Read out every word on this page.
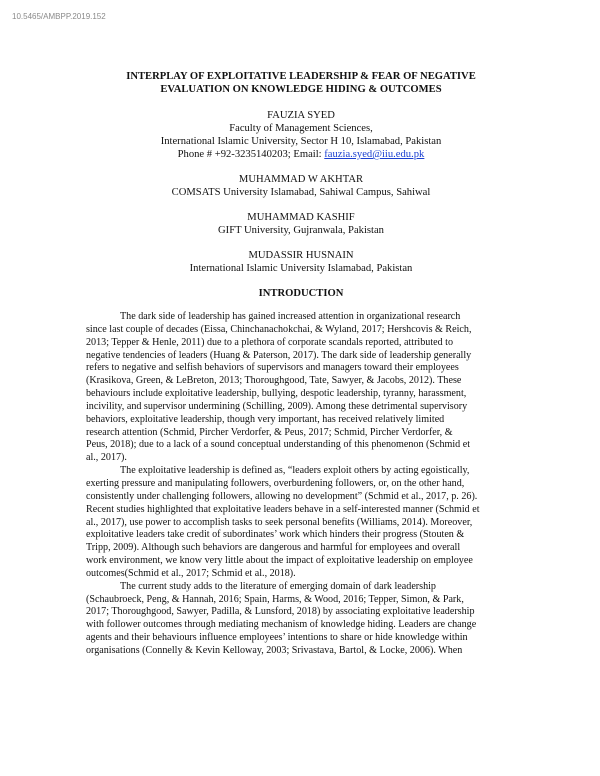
10.5465/AMBPP.2019.152

INTERPLAY OF EXPLOITATIVE LEADERSHIP & FEAR OF NEGATIVE
EVALUATION ON KNOWLEDGE HIDING & OUTCOMES

FAUZIA SYED
Faculty of Management Sciences,
International Islamic University, Sector H 10, Islamabad, Pakistan
Phone # +92-3235140203; Email: fauzia.syed@iiu.edu.pk
MUHAMMAD W AKHTAR
COMSATS University Islamabad, Sahiwal Campus, Sahiwal
MUHAMMAD KASHIF
GIFT University, Gujranwala, Pakistan
MUDASSIR HUSNAIN
International Islamic University Islamabad, Pakistan
INTRODUCTION

The dark side of leadership has gained increased attention in organizational research
since last couple of decades (Eissa, Chinchanachokchai, & Wyland, 2017; Hershcovis & Reich,
2013; Tepper & Henle, 2011) due to a plethora of corporate scandals reported, attributed to
negative tendencies of leaders (Huang & Paterson, 2017). The dark side of leadership generally
refers to negative and selfish behaviors of supervisors and managers toward their employees
(Krasikova, Green, & LeBreton, 2013; Thoroughgood, Tate, Sawyer, & Jacobs, 2012). These
behaviours include exploitative leadership, bullying, despotic leadership, tyranny, harassment,
incivility, and supervisor undermining (Schilling, 2009). Among these detrimental supervisory
behaviors, exploitative leadership, though very important, has received relatively limited
research attention (Schmid, Pircher Verdorfer, & Peus, 2017; Schmid, Pircher Verdorfer, &
Peus, 2018); due to a lack of a sound conceptual understanding of this phenomenon (Schmid et
al., 2017).

The exploitative leadership is defined as, “leaders exploit others by acting egoistically,
exerting pressure and manipulating followers, overburdening followers, or, on the other hand,
consistently under challenging followers, allowing no development” (Schmid et al., 2017, p. 26).
Recent studies highlighted that exploitative leaders behave in a self-interested manner (Schmid et
al., 2017), use power to accomplish tasks to seek personal benefits (Williams, 2014). Moreover,
exploitative leaders take credit of subordinates’ work which hinders their progress (Stouten &
Tripp, 2009). Although such behaviors are dangerous and harmful for employees and overall
work environment, we know very little about the impact of exploitative leadership on employee
outcomes(Schmid et al., 2017; Schmid et al., 2018).

The current study adds to the literature of emerging domain of dark leadership
(Schaubroeck, Peng, & Hannah, 2016; Spain, Harms, & Wood, 2016; Tepper, Simon, & Park,
2017; Thoroughgood, Sawyer, Padilla, & Lunsford, 2018) by associating exploitative leadership
with follower outcomes through mediating mechanism of knowledge hiding. Leaders are change
agents and their behaviours influence employees’ intentions to share or hide knowledge within
organisations (Connelly & Kevin Kelloway, 2003; Srivastava, Bartol, & Locke, 2006). When
